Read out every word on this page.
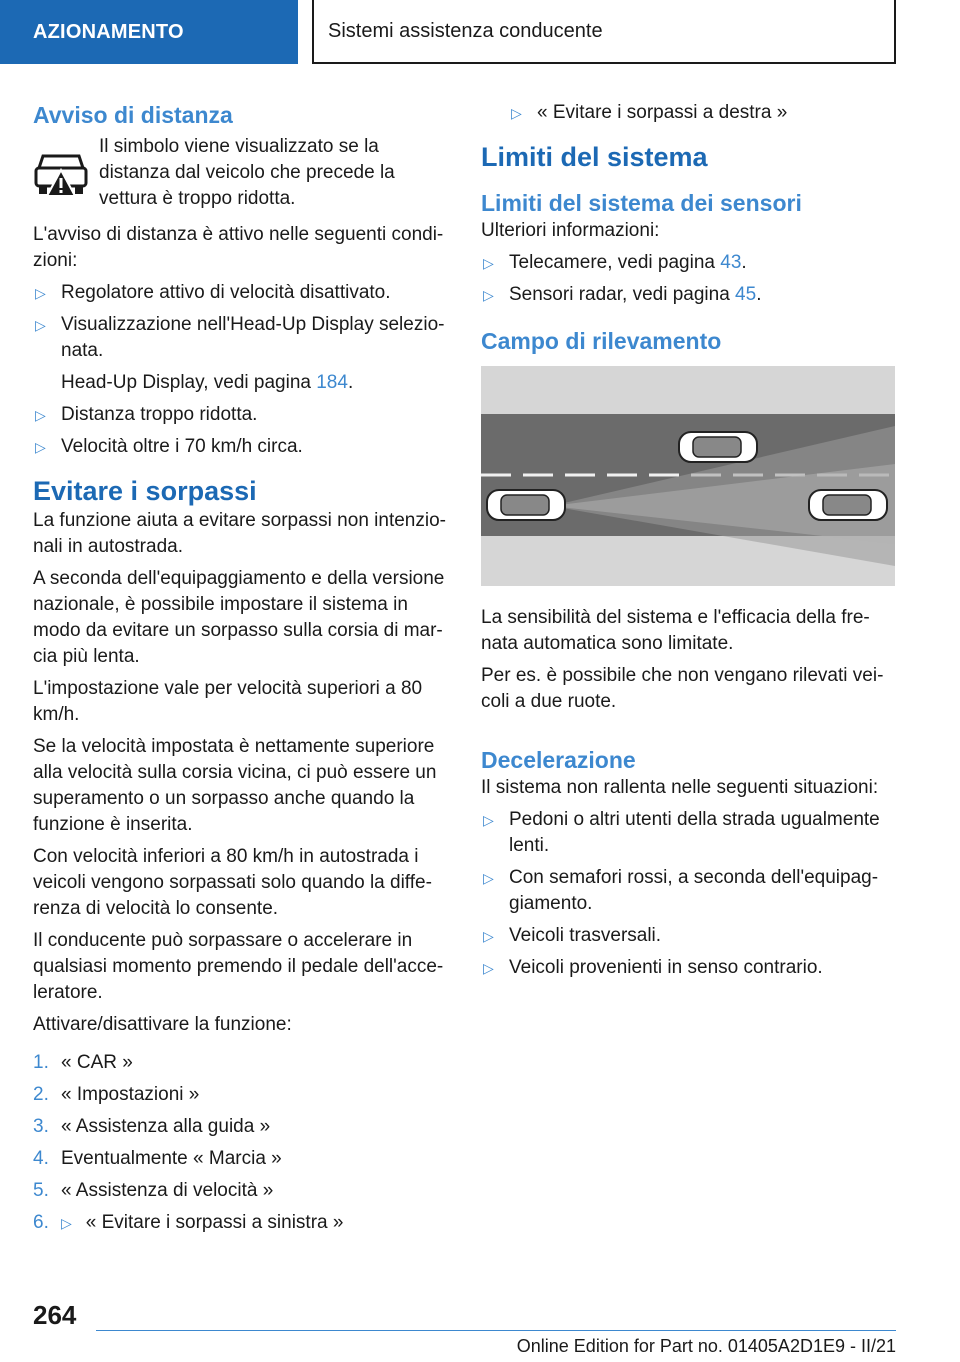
AZIONAMENTO	Sistemi assistenza conducente
Avviso di distanza

Il simbolo viene visualizzato se la distanza dal veicolo che precede la vettura è troppo ridotta.

L'avviso di distanza è attivo nelle seguenti condi-zioni:

▷ Regolatore attivo di velocità disattivato.
▷ Visualizzazione nell'Head-Up Display selezio-nata.
Head-Up Display, vedi pagina 184.
▷ Distanza troppo ridotta.
▷ Velocità oltre i 70 km/h circa.
Evitare i sorpassi

La funzione aiuta a evitare sorpassi non intenzio-nali in autostrada.

A seconda dell'equipaggiamento e della versione nazionale, è possibile impostare il sistema in modo da evitare un sorpasso sulla corsia di mar-cia più lenta.

L'impostazione vale per velocità superiori a 80 km/h.

Se la velocità impostata è nettamente superiore alla velocità sulla corsia vicina, ci può essere un superamento o un sorpasso anche quando la funzione è inserita.

Con velocità inferiori a 80 km/h in autostrada i veicoli vengono sorpassati solo quando la diffe-renza di velocità lo consente.

Il conducente può sorpassare o accelerare in qualsiasi momento premendo il pedale dell'acce-leratore.

Attivare/disattivare la funzione:

1. « CAR »
2. « Impostazioni »
3. « Assistenza alla guida »
4. Eventualmente « Marcia »
5. « Assistenza di velocità »
6. ▷ « Evitare i sorpassi a sinistra »
▷ « Evitare i sorpassi a destra »
Limiti del sistema
Limiti del sistema dei sensori

Ulteriori informazioni:

▷ Telecamere, vedi pagina 43.
▷ Sensori radar, vedi pagina 45.
Campo di rilevamento

La sensibilità del sistema e l'efficacia della fre-nata automatica sono limitate.

Per es. è possibile che non vengano rilevati vei-coli a due ruote.

Decelerazione

Il sistema non rallenta nelle seguenti situazioni:

▷ Pedoni o altri utenti della strada ugualmente lenti.
▷ Con semafori rossi, a seconda dell'equipag-giamento.
▷ Veicoli trasversali.
▷ Veicoli provenienti in senso contrario.
264
Online Edition for Part no. 01405A2D1E9 - II/21
